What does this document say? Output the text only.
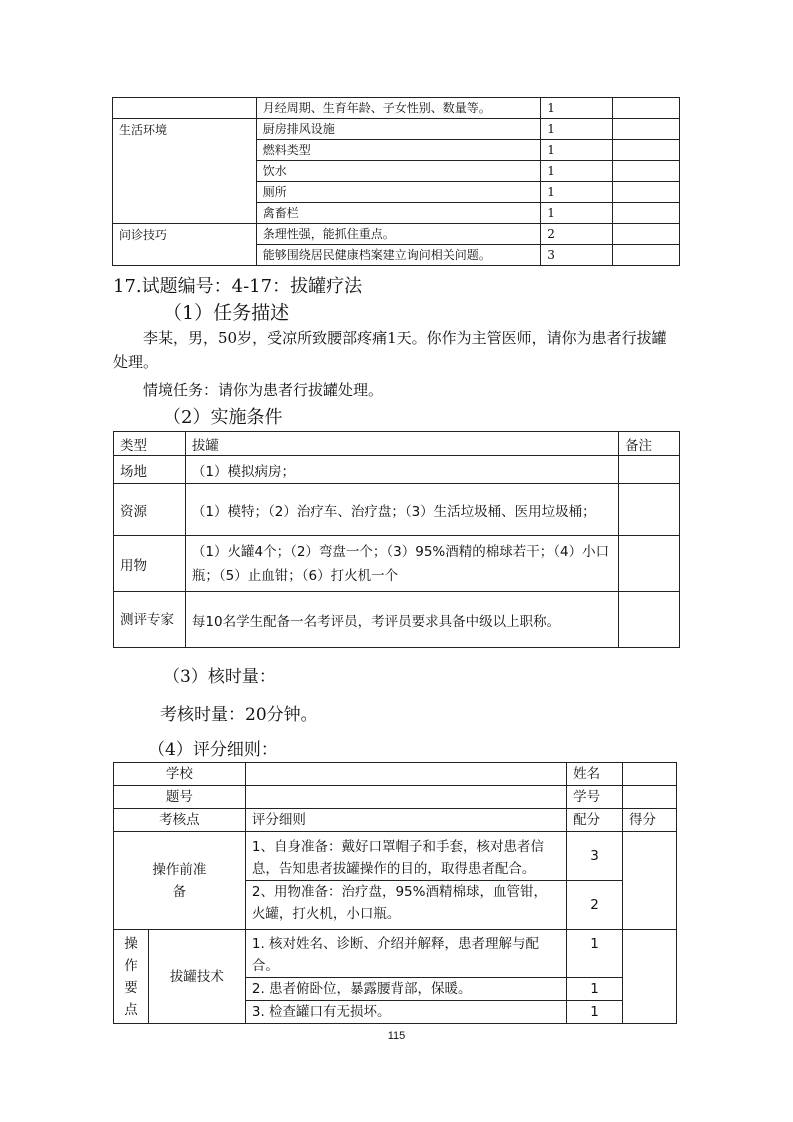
	月经周期、生育年龄、子女性别、数量等。	1	
生活环境	厨房排风设施	1	
	燃料类型	1	
	饮水	1	
	厕所	1	
	禽畜栏	1	
问诊技巧	条理性强，能抓住重点。	2	
	能够围绕居民健康档案建立询问相关问题。	3	
17.试题编号：4-17：拔罐疗法
（1）任务描述
李某，男，50岁，受凉所致腰部疼痛1天。你作为主管医师，请你为患者行拔罐处理。
情境任务：请你为患者行拔罐处理。
（2）实施条件
类型	拔罐	备注
场地	（1）模拟病房；	
资源	（1）模特；（2）治疗车、治疗盘；（3）生活垃圾桶、医用垃圾桶；	
用物	（1）火罐4个；（2）弯盘一个；（3）95%酒精的棉球若干；（4）小口瓶；（5）止血钳；（6）打火机一个	
测评专家	每10名学生配备一名考评员，考评员要求具备中级以上职称。	
（3）核时量：
考核时量：20分钟。
（4）评分细则：
学校			姓名	
题号			学号	
考核点		评分细则	配分	得分
操作前准备		1、自身准备：戴好口罩帽子和手套，核对患者信息，告知患者拔罐操作的目的，取得患者配合。	3	
		2、用物准备：治疗盘，95%酒精棉球，血管钳，火罐，打火机，小口瓶。	2	
操作要点	拔罐技术	1. 核对姓名、诊断、介绍并解释，患者理解与配合。	1	
		2. 患者俯卧位，暴露腰背部，保暖。	1	
		3. 检查罐口有无损坏。	1	
115
